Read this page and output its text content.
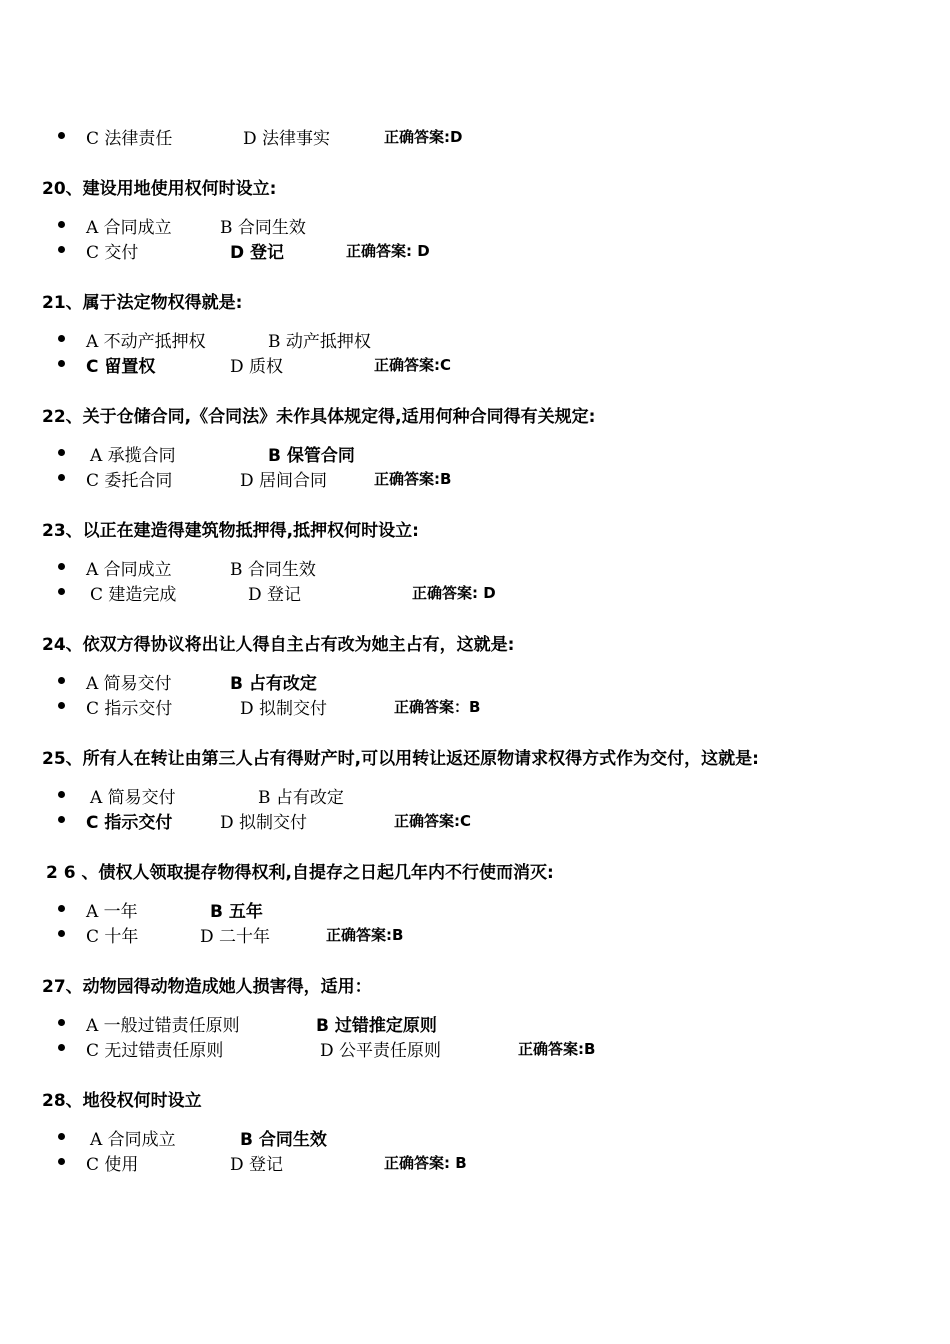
C 法律责任	D 法律事实	正确答案:D
20、建设用地使用权何时设立:
A 合同成立	B 合同生效
C 交付	D 登记	正确答案: D
21、属于法定物权得就是:
A 不动产抵押权	B 动产抵押权
C 留置权	D 质权	正确答案:C
22、关于仓储合同,《合同法》未作具体规定得,适用何种合同得有关规定:
A 承揽合同	B 保管合同
C 委托合同	D 居间合同	正确答案:B
23、以正在建造得建筑物抵押得,抵押权何时设立:
A 合同成立	B 合同生效
C 建造完成	D 登记	正确答案: D
24、依双方得协议将出让人得自主占有改为她主占有，这就是:
A 简易交付	B 占有改定
C 指示交付	D 拟制交付	正确答案：B
25、所有人在转让由第三人占有得财产时,可以用转让返还原物请求权得方式作为交付，这就是:
A 简易交付	B 占有改定
C 指示交付	D 拟制交付	正确答案:C
2 6 、债权人领取提存物得权利,自提存之日起几年内不行使而消灭:
A 一年	B 五年
C 十年	D 二十年	正确答案:B
27、动物园得动物造成她人损害得，适用：
A 一般过错责任原则	B 过错推定原则
C 无过错责任原则	D 公平责任原则	正确答案:B
28、地役权何时设立
A 合同成立	B 合同生效
C 使用	D 登记	正确答案: B
